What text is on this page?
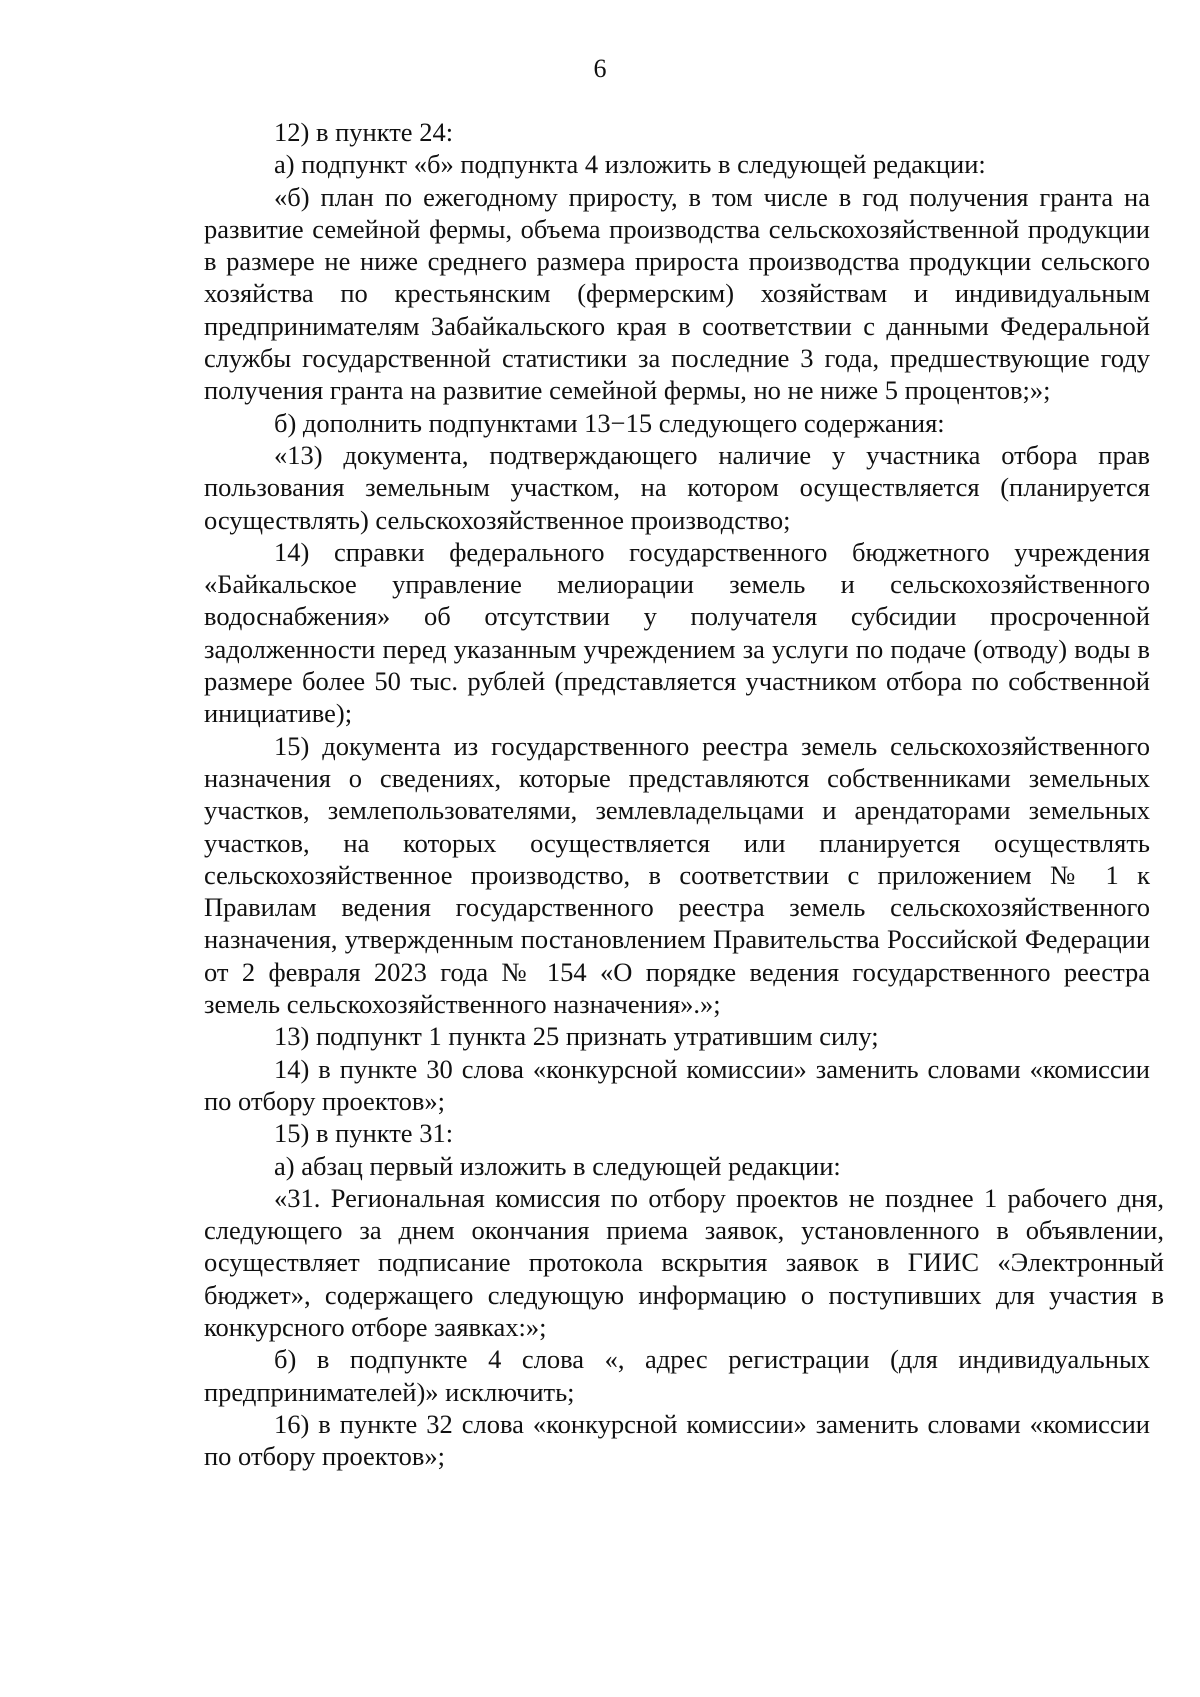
6

12) в пункте 24:

а) подпункт «б» подпункта 4 изложить в следующей редакции:

«б) план по ежегодному приросту, в том числе в год получения гранта на развитие семейной фермы, объема производства сельскохозяйственной продукции в размере не ниже среднего размера прироста производства продукции сельского хозяйства по крестьянским (фермерским) хозяйствам и индивидуальным предпринимателям Забайкальского края в соответствии с данными Федеральной службы государственной статистики за последние 3 года, предшествующие году получения гранта на развитие семейной фермы, но не ниже 5 процентов;»;

б) дополнить подпунктами 13−15 следующего содержания:

«13) документа, подтверждающего наличие у участника отбора прав пользования земельным участком, на котором осуществляется (планируется осуществлять) сельскохозяйственное производство;

14) справки федерального государственного бюджетного учреждения «Байкальское управление мелиорации земель и сельскохозяйственного водоснабжения» об отсутствии у получателя субсидии просроченной задолженности перед указанным учреждением за услуги по подаче (отводу) воды в размере более 50 тыс. рублей (представляется участником отбора по собственной инициативе);

15) документа из государственного реестра земель сельскохозяйственного назначения о сведениях, которые представляются собственниками земельных участков, землепользователями, землевладельцами и арендаторами земельных участков, на которых осуществляется или планируется осуществлять сельскохозяйственное производство, в соответствии с приложением № 1 к Правилам ведения государственного реестра земель сельскохозяйственного назначения, утвержденным постановлением Правительства Российской Федерации от 2 февраля 2023 года № 154 «О порядке ведения государственного реестра земель сельскохозяйственного назначения».»;

13) подпункт 1 пункта 25 признать утратившим силу;

14) в пункте 30 слова «конкурсной комиссии» заменить словами «комиссии по отбору проектов»;

15) в пункте 31:

а) абзац первый изложить в следующей редакции:

«31. Региональная комиссия по отбору проектов не позднее 1 рабочего дня, следующего за днем окончания приема заявок, установленного в объявлении, осуществляет подписание протокола вскрытия заявок в ГИИС «Электронный бюджет», содержащего следующую информацию о поступивших для участия в конкурсного отборе заявках:»;

б) в подпункте 4 слова «, адрес регистрации (для индивидуальных предпринимателей)» исключить;

16) в пункте 32 слова «конкурсной комиссии» заменить словами «комиссии по отбору проектов»;
